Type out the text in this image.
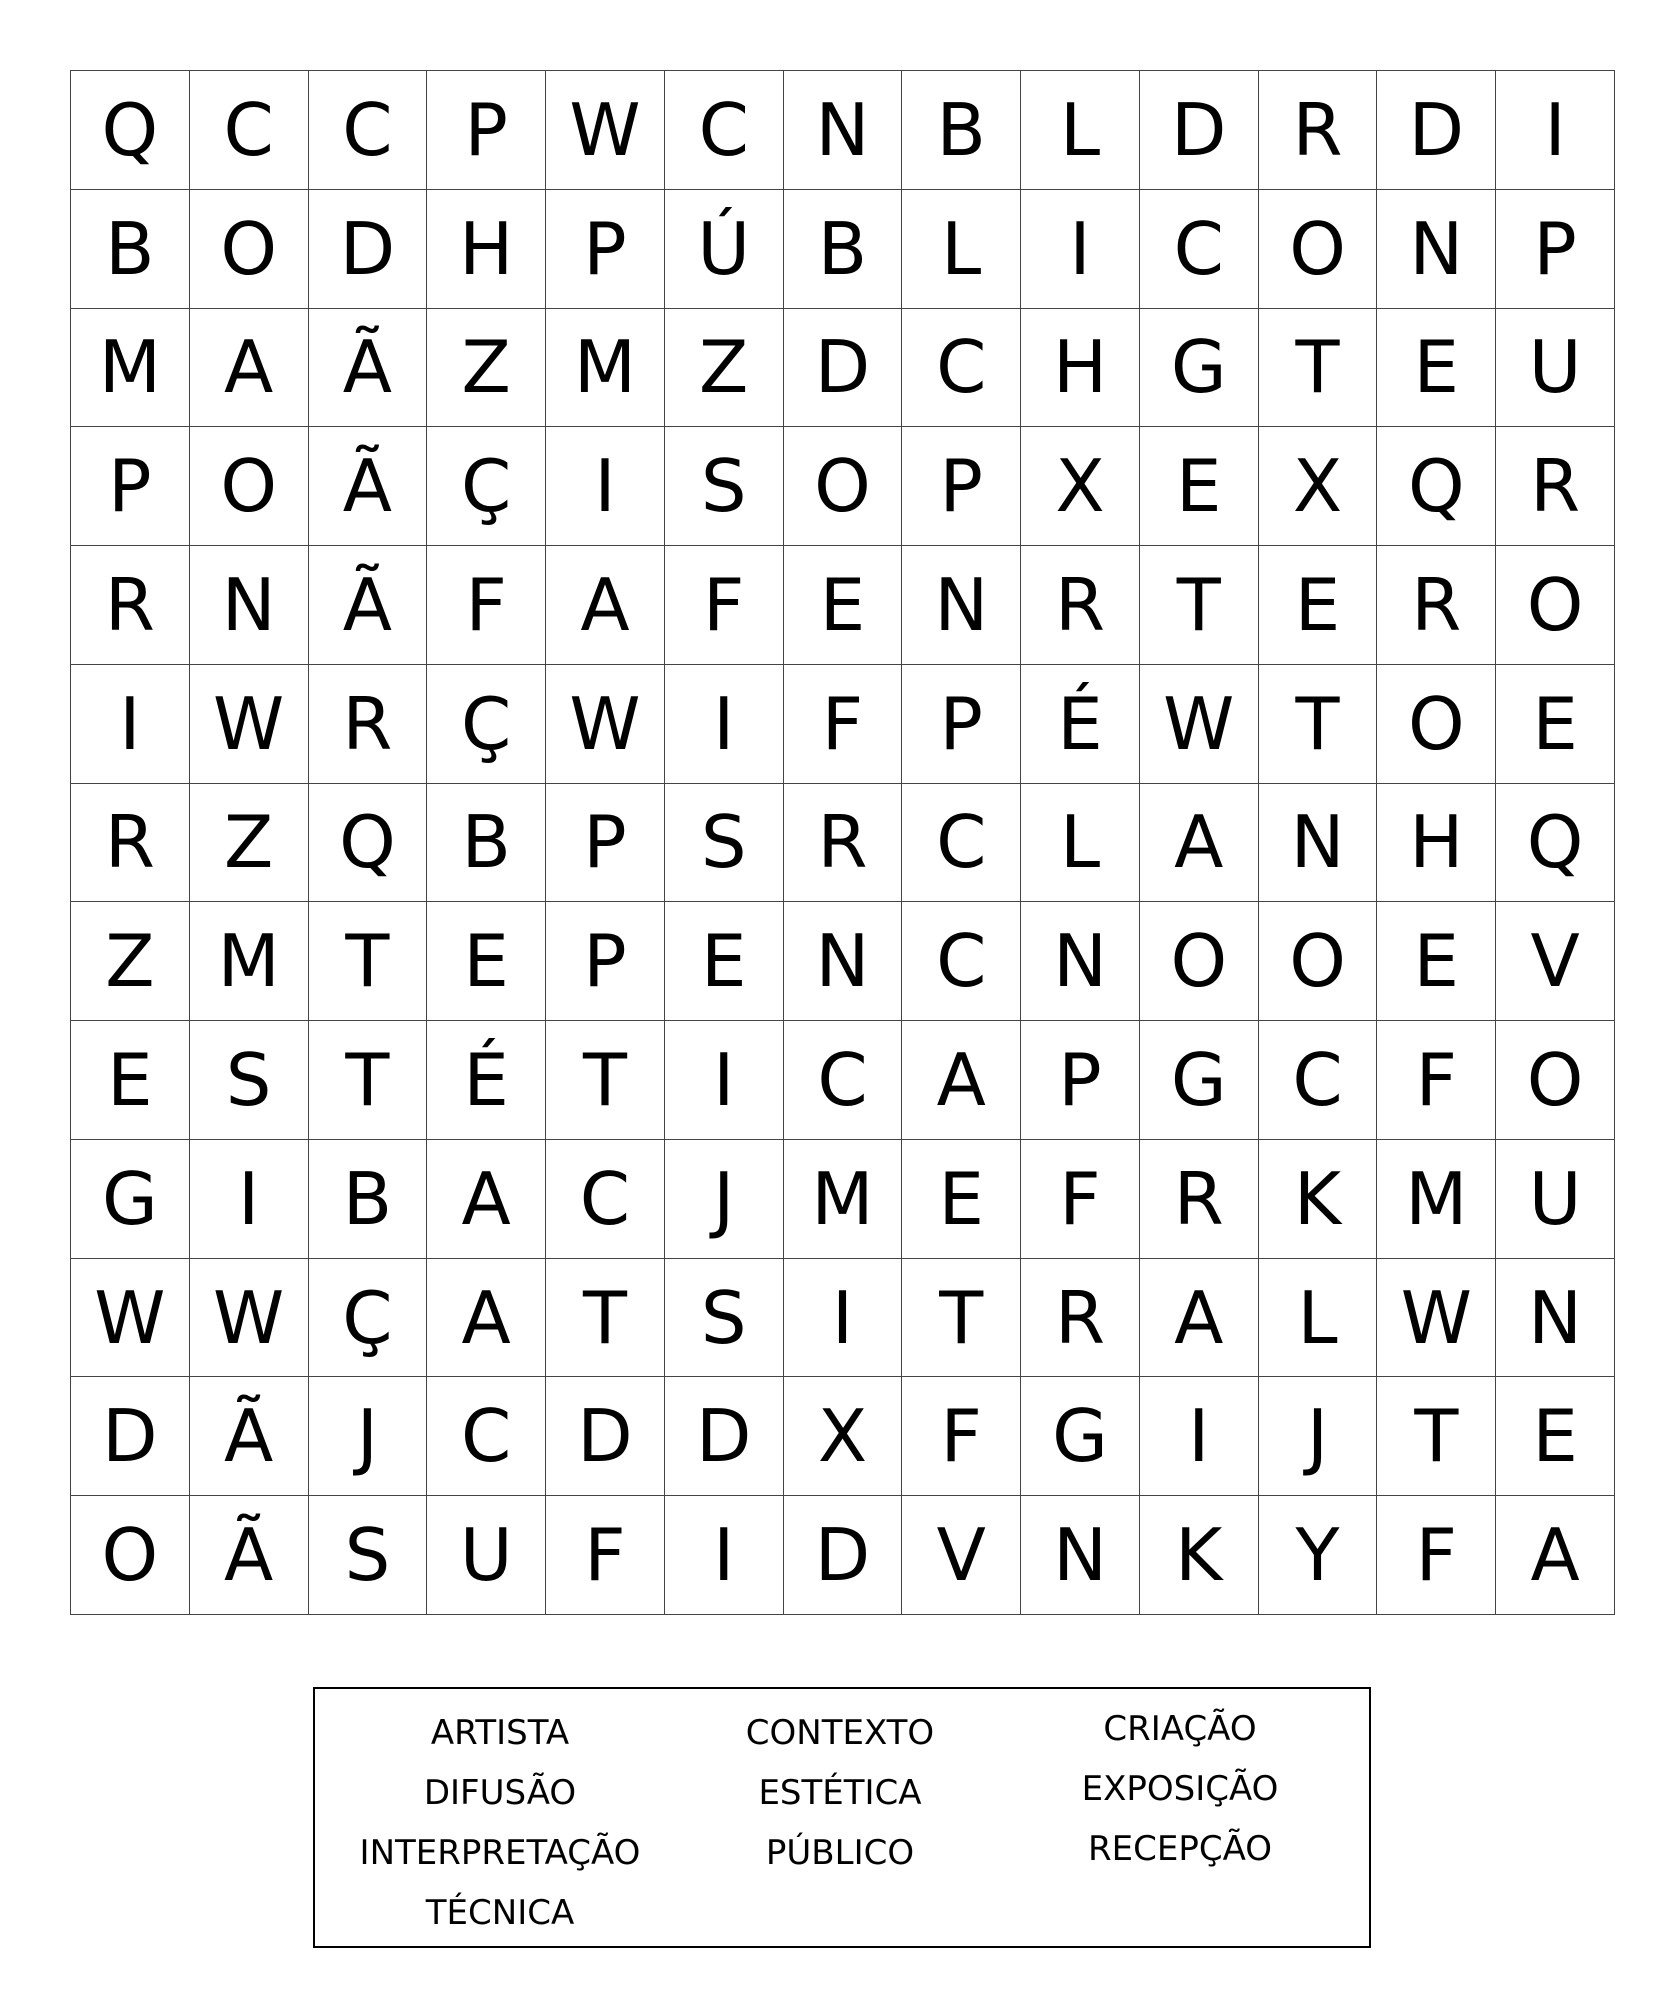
Q	C	C	P	W	C	N	B	L	D	R	D	I
B	O	D	H	P	Ú	B	L	I	C	O	N	P
M	A	Ã	Z	M	Z	D	C	H	G	T	E	U
P	O	Ã	Ç	I	S	O	P	X	E	X	Q	R
R	N	Ã	F	A	F	E	N	R	T	E	R	O
I	W	R	Ç	W	I	F	P	É	W	T	O	E
R	Z	Q	B	P	S	R	C	L	A	N	H	Q
Z	M	T	E	P	E	N	C	N	O	O	E	V
E	S	T	É	T	I	C	A	P	G	C	F	O
G	I	B	A	C	J	M	E	F	R	K	M	U
W	W	Ç	A	T	S	I	T	R	A	L	W	N
D	Ã	J	C	D	D	X	F	G	I	J	T	E
O	Ã	S	U	F	I	D	V	N	K	Y	F	A
ARTISTA
DIFUSÃO
INTERPRETAÇÃO
TÉCNICA
CONTEXTO
ESTÉTICA
PÚBLICO
CRIAÇÃO
EXPOSIÇÃO
RECEPÇÃO
